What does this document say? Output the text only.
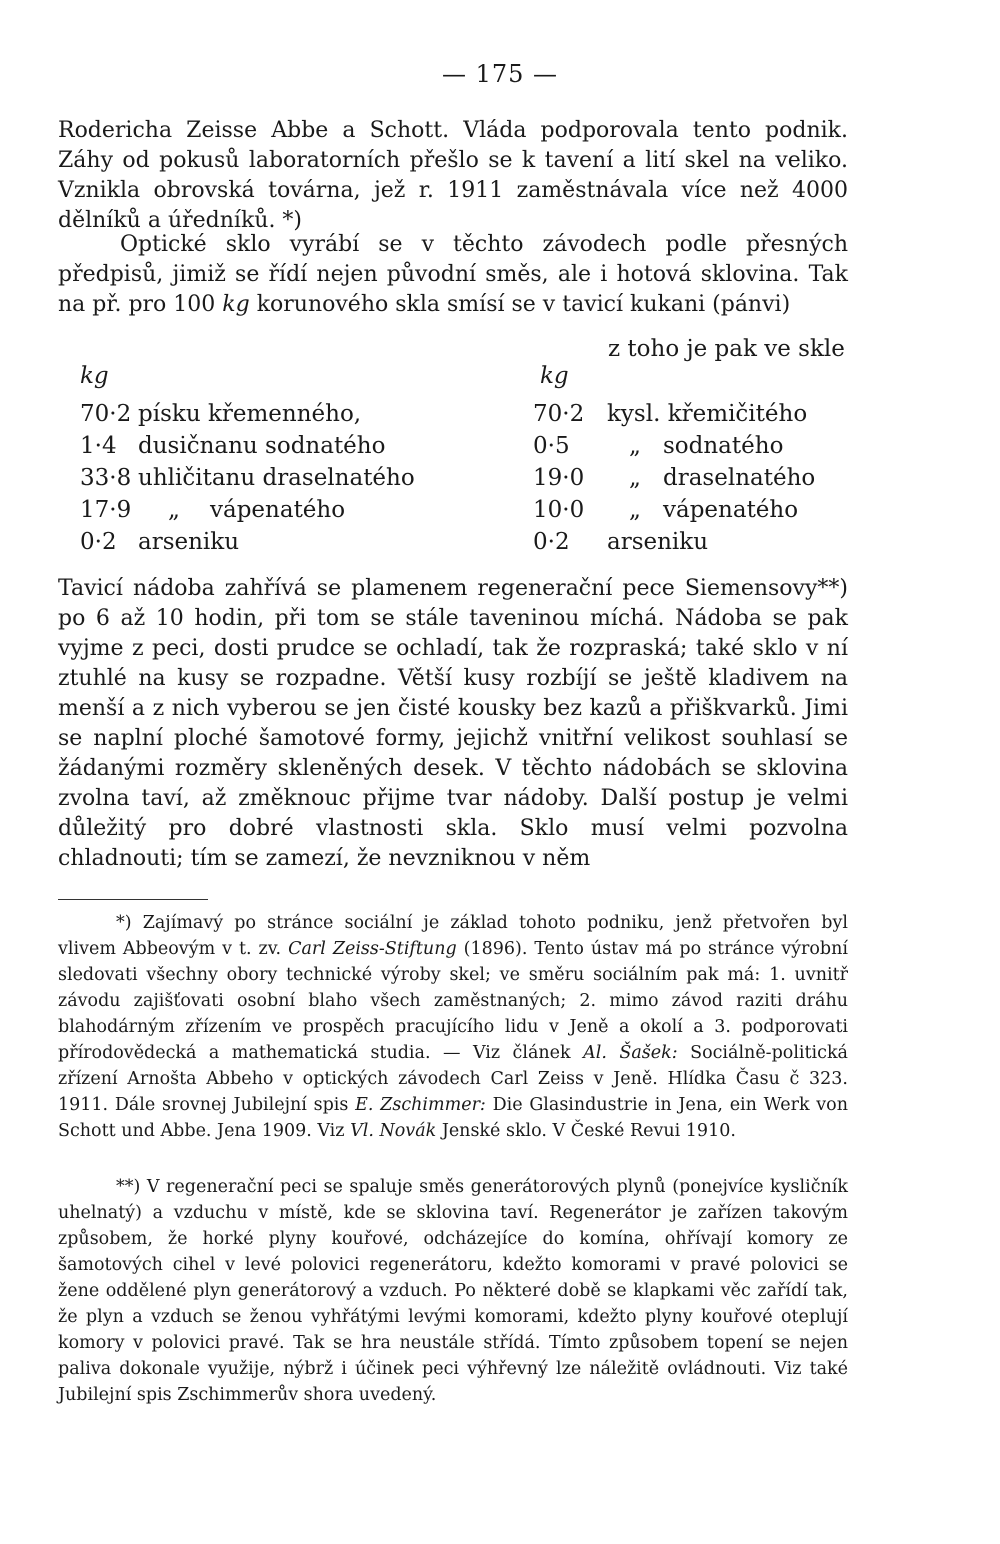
— 175 —

Rodericha Zeisse Abbe a Schott. Vláda podporovala tento podnik. Záhy od pokusů laboratorních přešlo se k tavení a lití skel na veliko. Vznikla obrovská továrna, jež r. 1911 zaměstnávala více než 4000 dělníků a úředníků. *)

Optické sklo vyrábí se v těchto závodech podle přesných předpisů, jimiž se řídí nejen původní směs, ale i hotová sklovina. Tak na př. pro 100 kg korunového skla smísí se v tavicí kukani (pánvi)

z toho je pak ve skle
kg	kg
70·2 písku křemenného,
1·4 dusičnanu sodnatého
33·8 uhličitanu draselnatého
17·9 „ vápenatého
0·2 arseniku
70·2 kysl. křemičitého
0·5	„ sodnatého
19·0 „ draselnatého
10·0 „ vápenatého
0·2 arseniku

Tavicí nádoba zahřívá se plamenem regenerační pece Siemensovy**) po 6 až 10 hodin, při tom se stále taveninou míchá. Nádoba se pak vyjme z peci, dosti prudce se ochladí, tak že rozpraská; také sklo v ní ztuhlé na kusy se rozpadne. Větší kusy rozbíjí se ještě kladivem na menší a z nich vyberou se jen čisté kousky bez kazů a přiškvarků. Jimi se naplní ploché šamotové formy, jejichž vnitřní velikost souhlasí se žádanými rozměry skleněných desek. V těchto nádobách se sklovina zvolna taví, až změknouc přijme tvar nádoby. Další postup je velmi důležitý pro dobré vlastnosti skla. Sklo musí velmi pozvolna chladnouti; tím se zamezí, že nevzniknou v něm

*) Zajímavý po stránce sociální je základ tohoto podniku, jenž přetvořen byl vlivem Abbeovým v t. zv. Carl Zeiss-Stiftung (1896). Tento ústav má po stránce výrobní sledovati všechny obory technické výroby skel; ve směru sociálním pak má: 1. uvnitř závodu zajišťovati osobní blaho všech zaměstnaných; 2. mimo závod raziti dráhu blahodárným zřízením ve prospěch pracujícího lidu v Jeně a okolí a 3. podporovati přírodovědecká a mathematická studia. — Viz článek Al. Šašek: Sociálně-politická zřízení Arnošta Abbeho v optických závodech Carl Zeiss v Jeně. Hlídka Času č 323. 1911. Dále srovnej Jubilejní spis E. Zschimmer: Die Glasindustrie in Jena, ein Werk von Schott und Abbe. Jena 1909. Viz Vl. Novák Jenské sklo. V České Revui 1910.

**) V regenerační peci se spaluje směs generátorových plynů (ponejvíce kysličník uhelnatý) a vzduchu v místě, kde se sklovina taví. Regenerátor je zařízen takovým způsobem, že horké plyny kouřové, odcházejíce do komína, ohřívají komory ze šamotových cihel v levé polovici regenerátoru, kdežto komorami v pravé polovici se žene oddělené plyn generátorový a vzduch. Po některé době se klapkami věc zařídí tak, že plyn a vzduch se ženou vyhřátými levými komorami, kdežto plyny kouřové oteplují komory v polovici pravé. Tak se hra neustále střídá. Tímto způsobem topení se nejen paliva dokonale využije, nýbrž i účinek peci výhřevný lze náležitě ovládnouti. Viz také Jubilejní spis Zschimmerův shora uvedený.
